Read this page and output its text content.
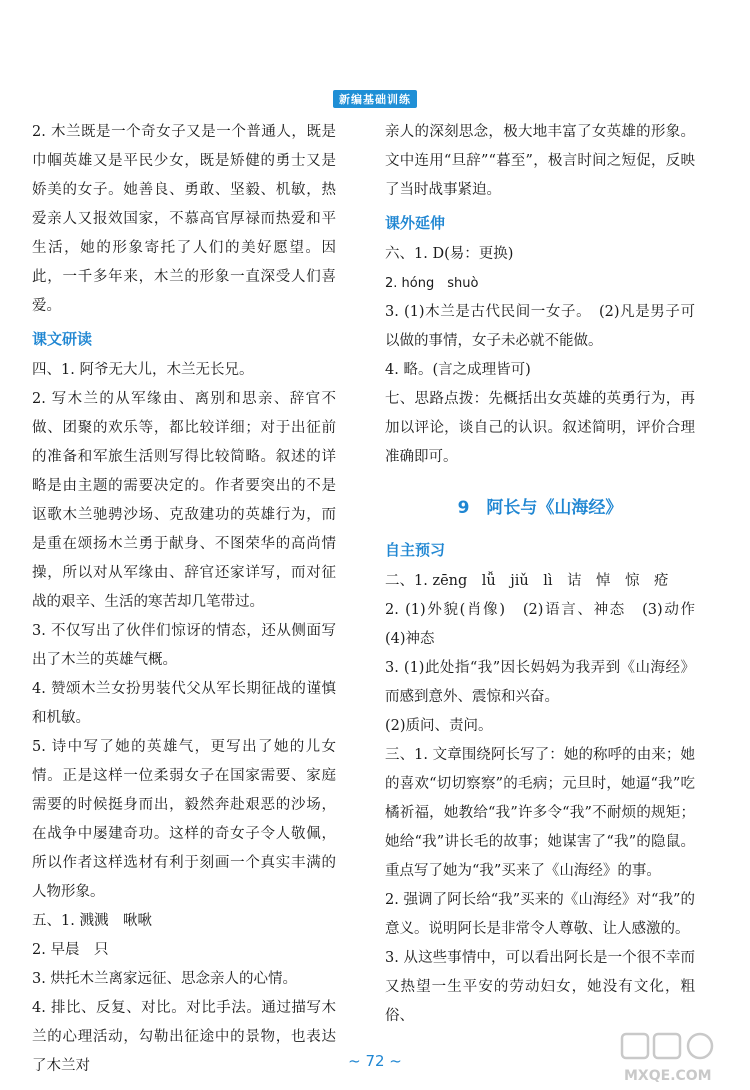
新编基础训练

2. 木兰既是一个奇女子又是一个普通人，既是巾帼英雄又是平民少女，既是矫健的勇士又是娇美的女子。她善良、勇敢、坚毅、机敏，热爱亲人又报效国家，不慕高官厚禄而热爱和平生活，她的形象寄托了人们的美好愿望。因此，一千多年来，木兰的形象一直深受人们喜爱。

课文研读

四、1. 阿爷无大儿，木兰无长兄。

2. 写木兰的从军缘由、离别和思亲、辞官不做、团聚的欢乐等，都比较详细；对于出征前的准备和军旅生活则写得比较简略。叙述的详略是由主题的需要决定的。作者要突出的不是讴歌木兰驰骋沙场、克敌建功的英雄行为，而是重在颂扬木兰勇于献身、不图荣华的高尚情操，所以对从军缘由、辞官还家详写，而对征战的艰辛、生活的寒苦却几笔带过。

3. 不仅写出了伙伴们惊讶的情态，还从侧面写出了木兰的英雄气概。

4. 赞颂木兰女扮男装代父从军长期征战的谨慎和机敏。

5. 诗中写了她的英雄气，更写出了她的儿女情。正是这样一位柔弱女子在国家需要、家庭需要的时候挺身而出，毅然奔赴艰恶的沙场，在战争中屡建奇功。这样的奇女子令人敬佩，所以作者这样选材有利于刻画一个真实丰满的人物形象。

五、1. 溅溅　啾啾

2. 早晨　只

3. 烘托木兰离家远征、思念亲人的心情。

4. 排比、反复、对比。对比手法。通过描写木兰的心理活动，勾勒出征途中的景物，也表达了木兰对

亲人的深刻思念，极大地丰富了女英雄的形象。文中连用“旦辞”“暮至”，极言时间之短促，反映了当时战事紧迫。

课外延伸

六、1. D(易：更换)

2. hóng　shuò

3. (1)木兰是古代民间一女子。　(2)凡是男子可以做的事情，女子未必就不能做。

4. 略。(言之成理皆可)

七、思路点拨：先概括出女英雄的英勇行为，再加以评论，谈自己的认识。叙述简明，评价合理准确即可。

9　阿长与《山海经》

自主预习

二、1. zēng　lǚ　jiǔ　lì　诘　悼　惊　疮

2. (1)外貌(肖像)　(2)语言、神态　(3)动作　(4)神态

3. (1)此处指“我”因长妈妈为我弄到《山海经》而感到意外、震惊和兴奋。

(2)质问、责问。

三、1. 文章围绕阿长写了：她的称呼的由来；她的喜欢“切切察察”的毛病；元旦时，她逼“我”吃橘祈福，她教给“我”许多令“我”不耐烦的规矩；她给“我”讲长毛的故事；她谋害了“我”的隐鼠。重点写了她为“我”买来了《山海经》的事。

2. 强调了阿长给“我”买来的《山海经》对“我”的意义。说明阿长是非常令人尊敬、让人感激的。

3. 从这些事情中，可以看出阿长是一个很不幸而又热望一生平安的劳动妇女，她没有文化，粗俗、

~ 72 ~
MXQE.COM
